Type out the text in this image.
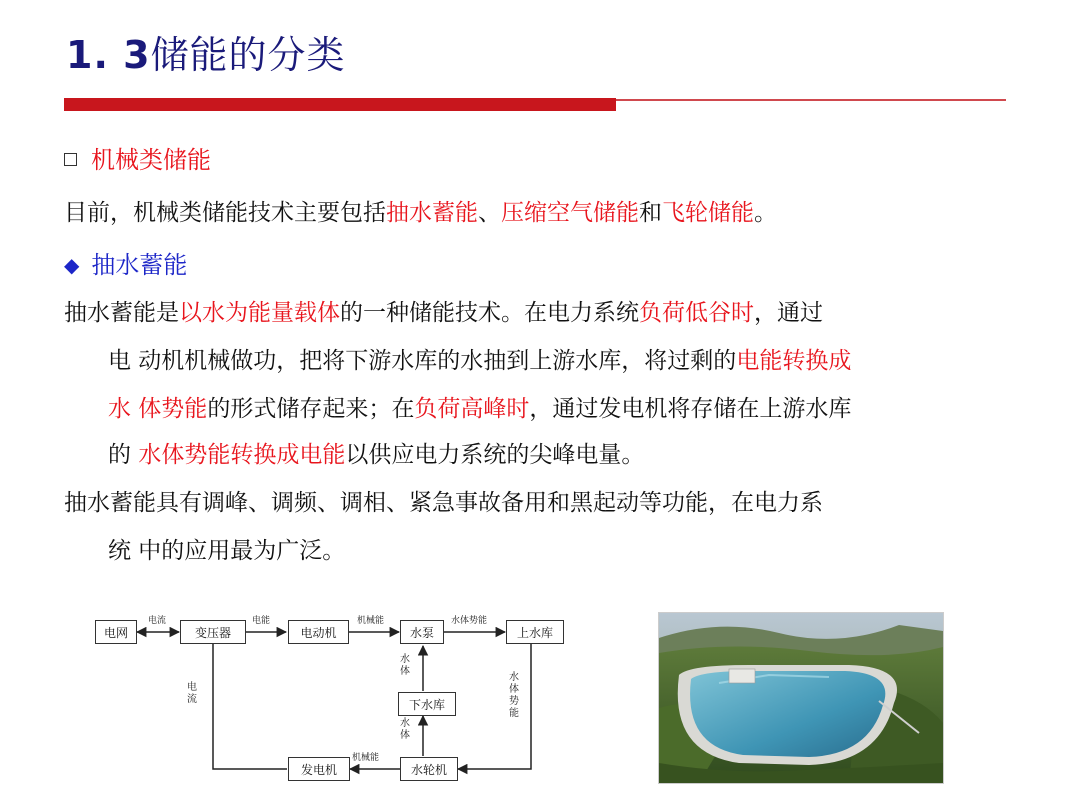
1. 3储能的分类
机械类储能
目前，机械类储能技术主要包括抽水蓄能、压缩空气储能和飞轮储能。
◆ 抽水蓄能
抽水蓄能是以水为能量载体的一种储能技术。在电力系统负荷低谷时，通过
电 动机机械做功，把将下游水库的水抽到上游水库，将过剩的电能转换成
水 体势能的形式储存起来；在负荷高峰时，通过发电机将存储在上游水库
的 水体势能转换成电能以供应电力系统的尖峰电量。
抽水蓄能具有调峰、调频、调相、紧急事故备用和黑起动等功能，在电力系
统 中的应用最为广泛。
电网	变压器	电动机	水泵	上水库
下水库
发电机	水轮机
电流	电能	机械能	水体势能
机械能
电流
水体
水体
水体势能
